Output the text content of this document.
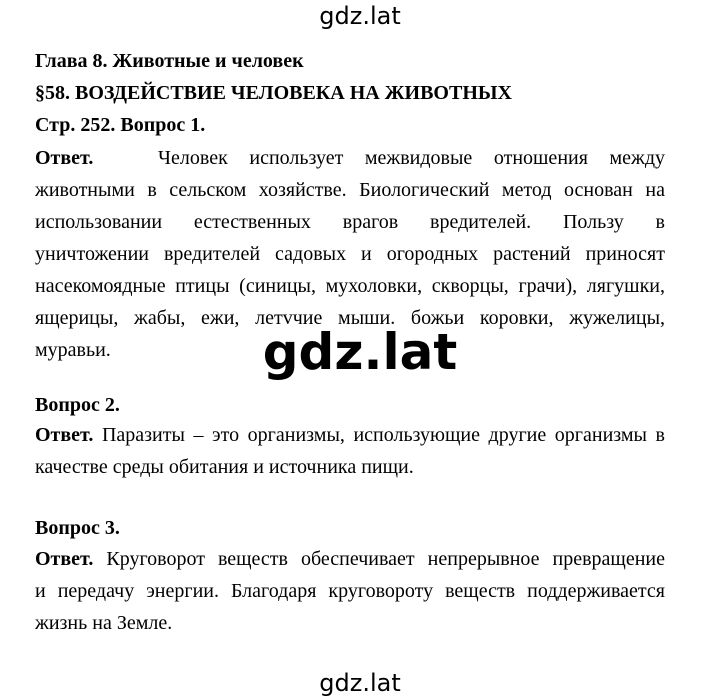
gdz.lat
Глава 8. Животные и человек
§58. ВОЗДЕЙСТВИЕ ЧЕЛОВЕКА НА ЖИВОТНЫХ
Стр. 252. Вопрос 1.
Ответ.	Человек использует межвидовые отношения между
животными в сельском хозяйстве. Биологический метод основан на
использовании естественных врагов вредителей. Пользу в
уничтожении вредителей садовых и огородных растений приносят
насекомоядные птицы (синицы, мухоловки, скворцы, грачи), лягушки,
ящерицы, жабы, ежи, летvчие мыши. божьи коровки, жужелицы,
муравьи.
Вопрос 2.
Ответ. Паразиты – это организмы, использующие другие организмы в
качестве среды обитания и источника пищи.
Вопрос 3.
Ответ. Круговорот веществ обеспечивает непрерывное превращение
и передачу энергии. Благодаря круговороту веществ поддерживается
жизнь на Земле.
gdz.lat
gdz.lat
